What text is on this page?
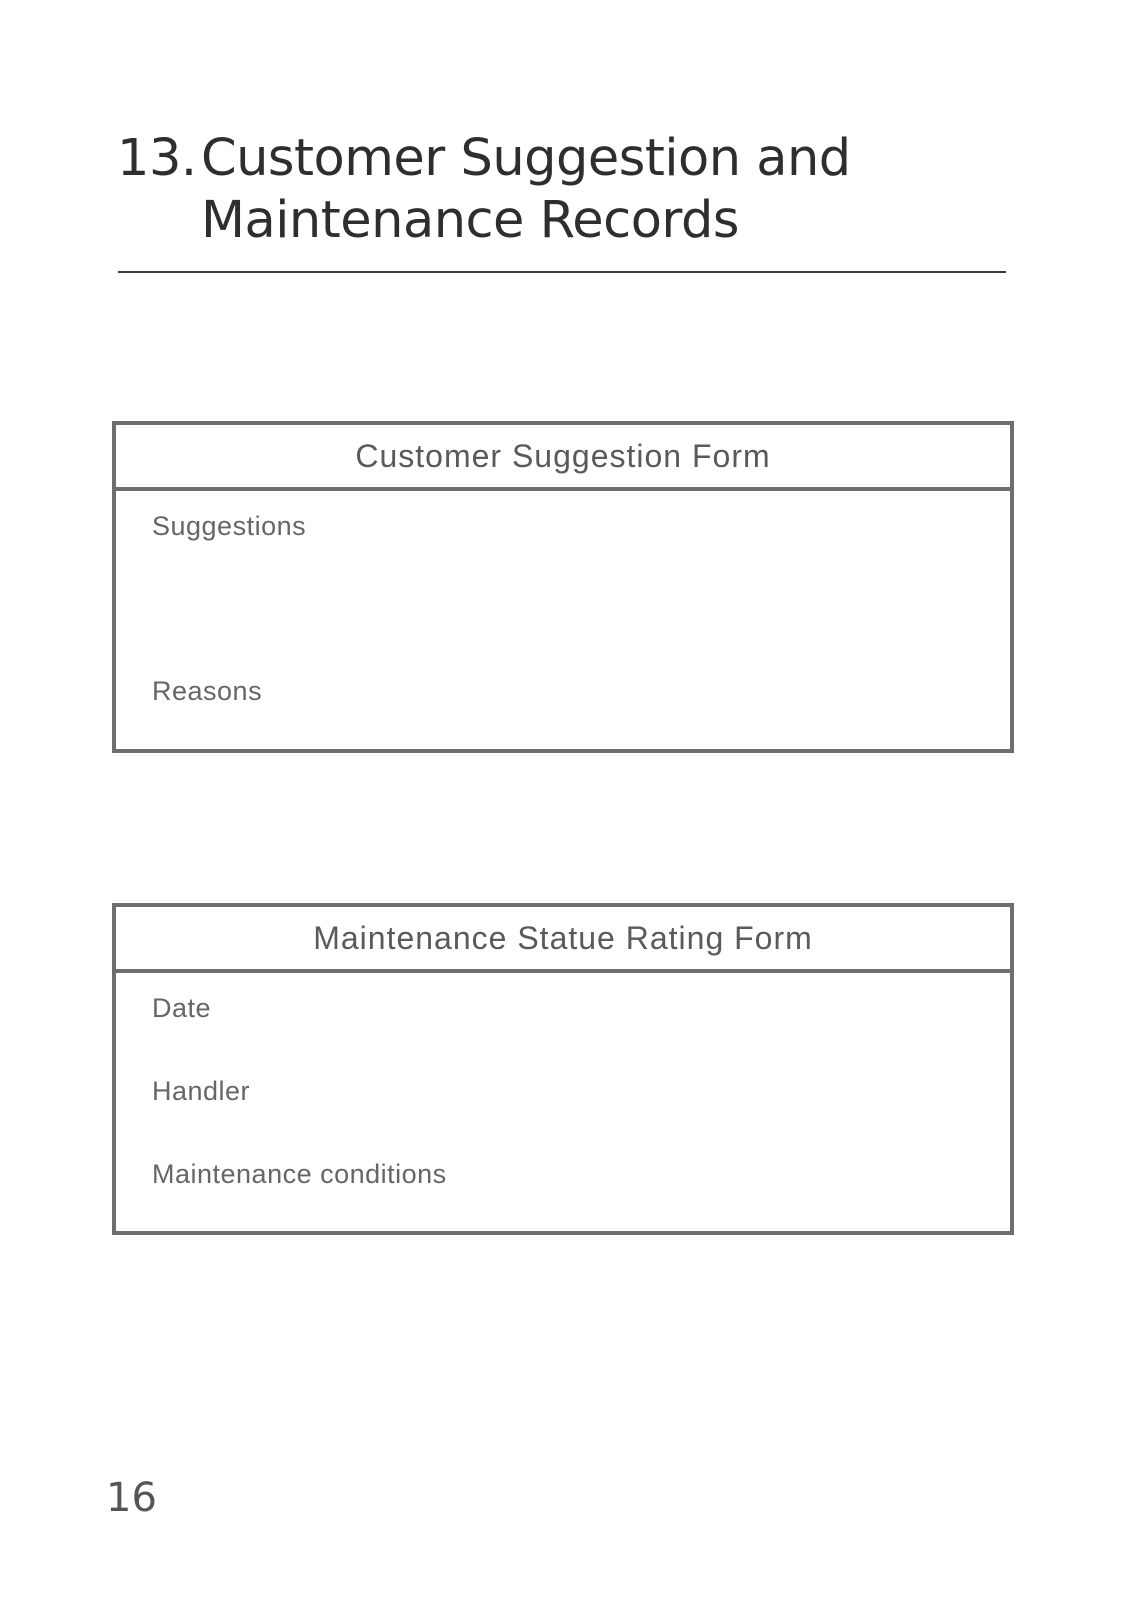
13.Customer Suggestion and
Maintenance Records
Customer Suggestion Form
Suggestions
Reasons
Maintenance Statue Rating Form
Date
Handler
Maintenance conditions
16
